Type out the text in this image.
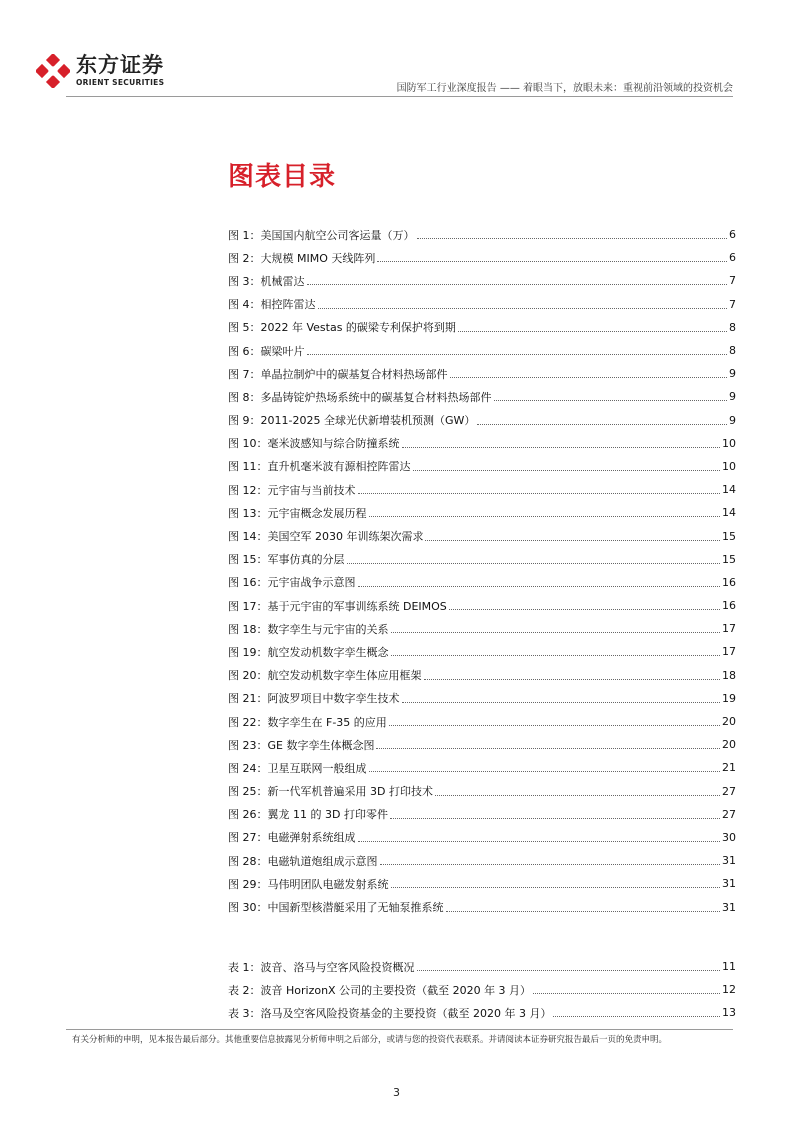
东方证券
ORIENT SECURITIES
国防军工行业深度报告 —— 着眼当下，放眼未来：重视前沿领域的投资机会
图表目录
图 1：美国国内航空公司客运量（万）	6
图 2：大规模 MIMO 天线阵列	6
图 3：机械雷达	7
图 4：相控阵雷达	7
图 5：2022 年 Vestas 的碳梁专利保护将到期	8
图 6：碳梁叶片	8
图 7：单晶拉制炉中的碳基复合材料热场部件	9
图 8：多晶铸锭炉热场系统中的碳基复合材料热场部件	9
图 9：2011-2025 全球光伏新增装机预测（GW）	9
图 10：毫米波感知与综合防撞系统	10
图 11：直升机毫米波有源相控阵雷达	10
图 12：元宇宙与当前技术	14
图 13：元宇宙概念发展历程	14
图 14：美国空军 2030 年训练架次需求	15
图 15：军事仿真的分层	15
图 16：元宇宙战争示意图	16
图 17：基于元宇宙的军事训练系统 DEIMOS	16
图 18：数字孪生与元宇宙的关系	17
图 19：航空发动机数字孪生概念	17
图 20：航空发动机数字孪生体应用框架	18
图 21：阿波罗项目中数字孪生技术	19
图 22：数字孪生在 F-35 的应用	20
图 23：GE 数字孪生体概念图	20
图 24：卫星互联网一般组成	21
图 25：新一代军机普遍采用 3D 打印技术	27
图 26：翼龙 11 的 3D 打印零件	27
图 27：电磁弹射系统组成	30
图 28：电磁轨道炮组成示意图	31
图 29：马伟明团队电磁发射系统	31
图 30：中国新型核潜艇采用了无轴泵推系统	31
表 1：波音、洛马与空客风险投资概况	11
表 2：波音 HorizonX 公司的主要投资（截至 2020 年 3 月）	12
表 3：洛马及空客风险投资基金的主要投资（截至 2020 年 3 月）	13
有关分析师的申明，见本报告最后部分。其他重要信息披露见分析师申明之后部分，或请与您的投资代表联系。并请阅读本证券研究报告最后一页的免责申明。
3
